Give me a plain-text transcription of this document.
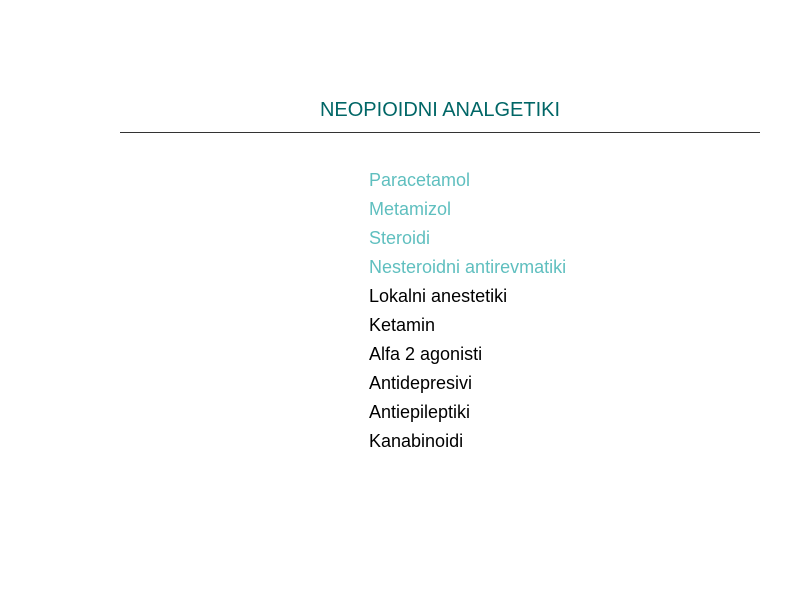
NEOPIOIDNI ANALGETIKI
Paracetamol
Metamizol
Steroidi
Nesteroidni antirevmatiki
Lokalni anestetiki
Ketamin
Alfa 2 agonisti
Antidepresivi
Antiepileptiki
Kanabinoidi
